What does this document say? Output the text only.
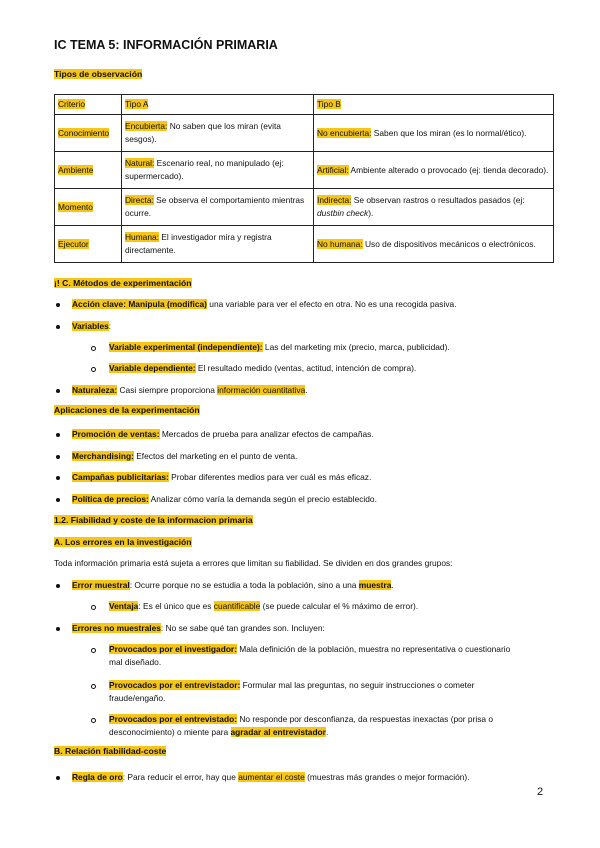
IC TEMA 5: INFORMACIÓN PRIMARIA
Tipos de observación
Criterio	Tipo A	Tipo B
Conocimiento	Encubierta: No saben que los miran (evita sesgos).	No encubierta: Saben que los miran (es lo normal/ético).
Ambiente	Natural: Escenario real, no manipulado (ej: supermercado).	Artificial: Ambiente alterado o provocado (ej: tienda decorado).
Momento	Directa: Se observa el comportamiento mientras ocurre.	Indirecta: Se observan rastros o resultados pasados (ej: dustbin check).
Ejecutor	Humana: El investigador mira y registra directamente.	No humana: Uso de dispositivos mecánicos o electrónicos.
¡! C. Métodos de experimentación
Acción clave: Manipula (modifica) una variable para ver el efecto en otra. No es una recogida pasiva.
Variables:
Variable experimental (independiente): Las del marketing mix (precio, marca, publicidad).
Variable dependiente: El resultado medido (ventas, actitud, intención de compra).
Naturaleza: Casi siempre proporciona información cuantitativa.
Aplicaciones de la experimentación
Promoción de ventas: Mercados de prueba para analizar efectos de campañas.
Merchandising: Efectos del marketing en el punto de venta.
Campañas publicitarias: Probar diferentes medios para ver cuál es más eficaz.
Política de precios: Analizar cómo varía la demanda según el precio establecido.
1.2. Fiabilidad y coste de la informacion primaria
A. Los errores en la investigación
Toda información primaria está sujeta a errores que limitan su fiabilidad. Se dividen en dos grandes grupos:
Error muestral: Ocurre porque no se estudia a toda la población, sino a una muestra.
Ventaja: Es el único que es cuantificable (se puede calcular el % máximo de error).
Errores no muestrales: No se sabe qué tan grandes son. Incluyen:
Provocados por el investigador: Mala definición de la población, muestra no representativa o cuestionario mal diseñado.
Provocados por el entrevistador: Formular mal las preguntas, no seguir instrucciones o cometer fraude/engaño.
Provocados por el entrevistado: No responde por desconfianza, da respuestas inexactas (por prisa o desconocimiento) o miente para agradar al entrevistador.
B. Relación fiabilidad-coste
Regla de oro: Para reducir el error, hay que aumentar el coste (muestras más grandes o mejor formación).
2
